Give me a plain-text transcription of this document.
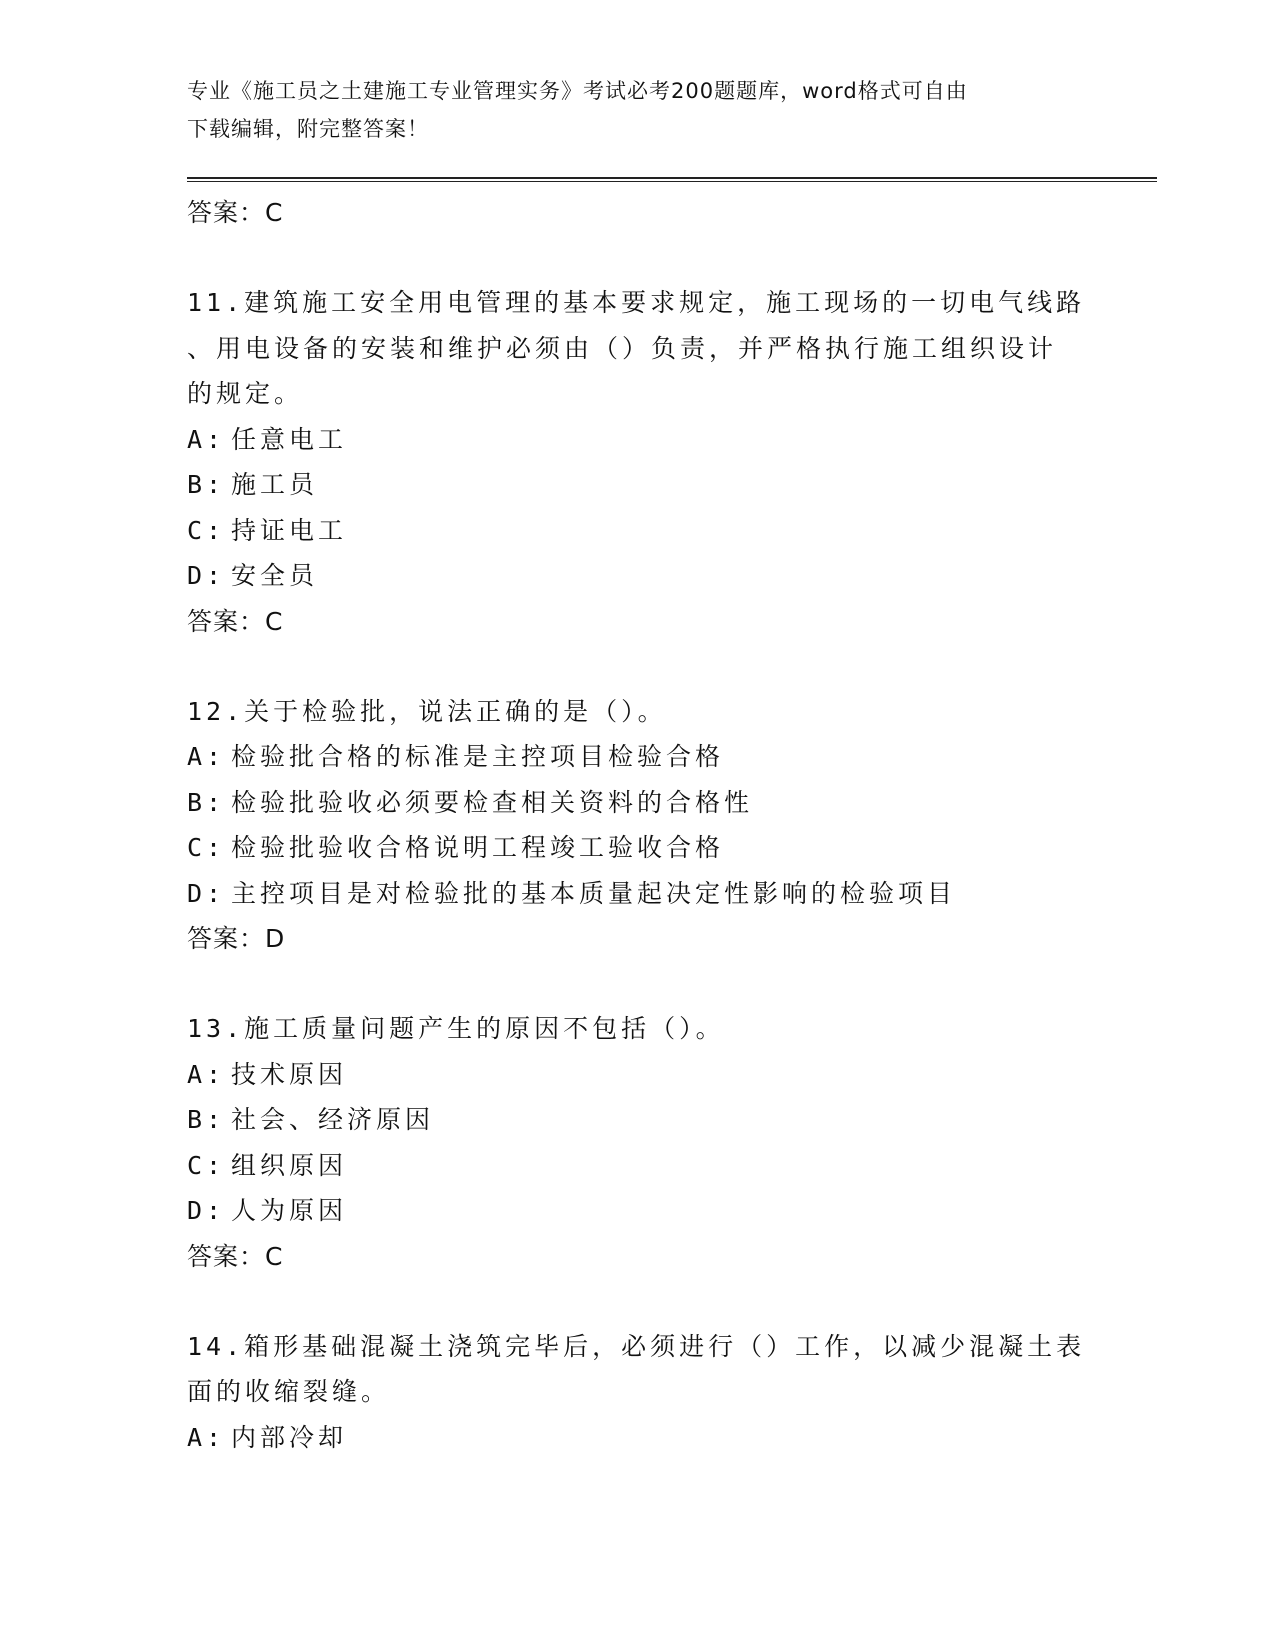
专业《施工员之土建施工专业管理实务》考试必考200题题库，word格式可自由
下载编辑，附完整答案！
答案：C
11.建筑施工安全用电管理的基本要求规定，施工现场的一切电气线路
、用电设备的安装和维护必须由（）负责，并严格执行施工组织设计
的规定。
A: 任意电工
B: 施工员
C: 持证电工
D: 安全员
答案：C
12.关于检验批，说法正确的是（）。
A: 检验批合格的标准是主控项目检验合格
B: 检验批验收必须要检查相关资料的合格性
C: 检验批验收合格说明工程竣工验收合格
D: 主控项目是对检验批的基本质量起决定性影响的检验项目
答案：D
13.施工质量问题产生的原因不包括（）。
A: 技术原因
B: 社会、经济原因
C: 组织原因
D: 人为原因
答案：C
14.箱形基础混凝土浇筑完毕后，必须进行（）工作，以减少混凝土表
面的收缩裂缝。
A: 内部冷却
